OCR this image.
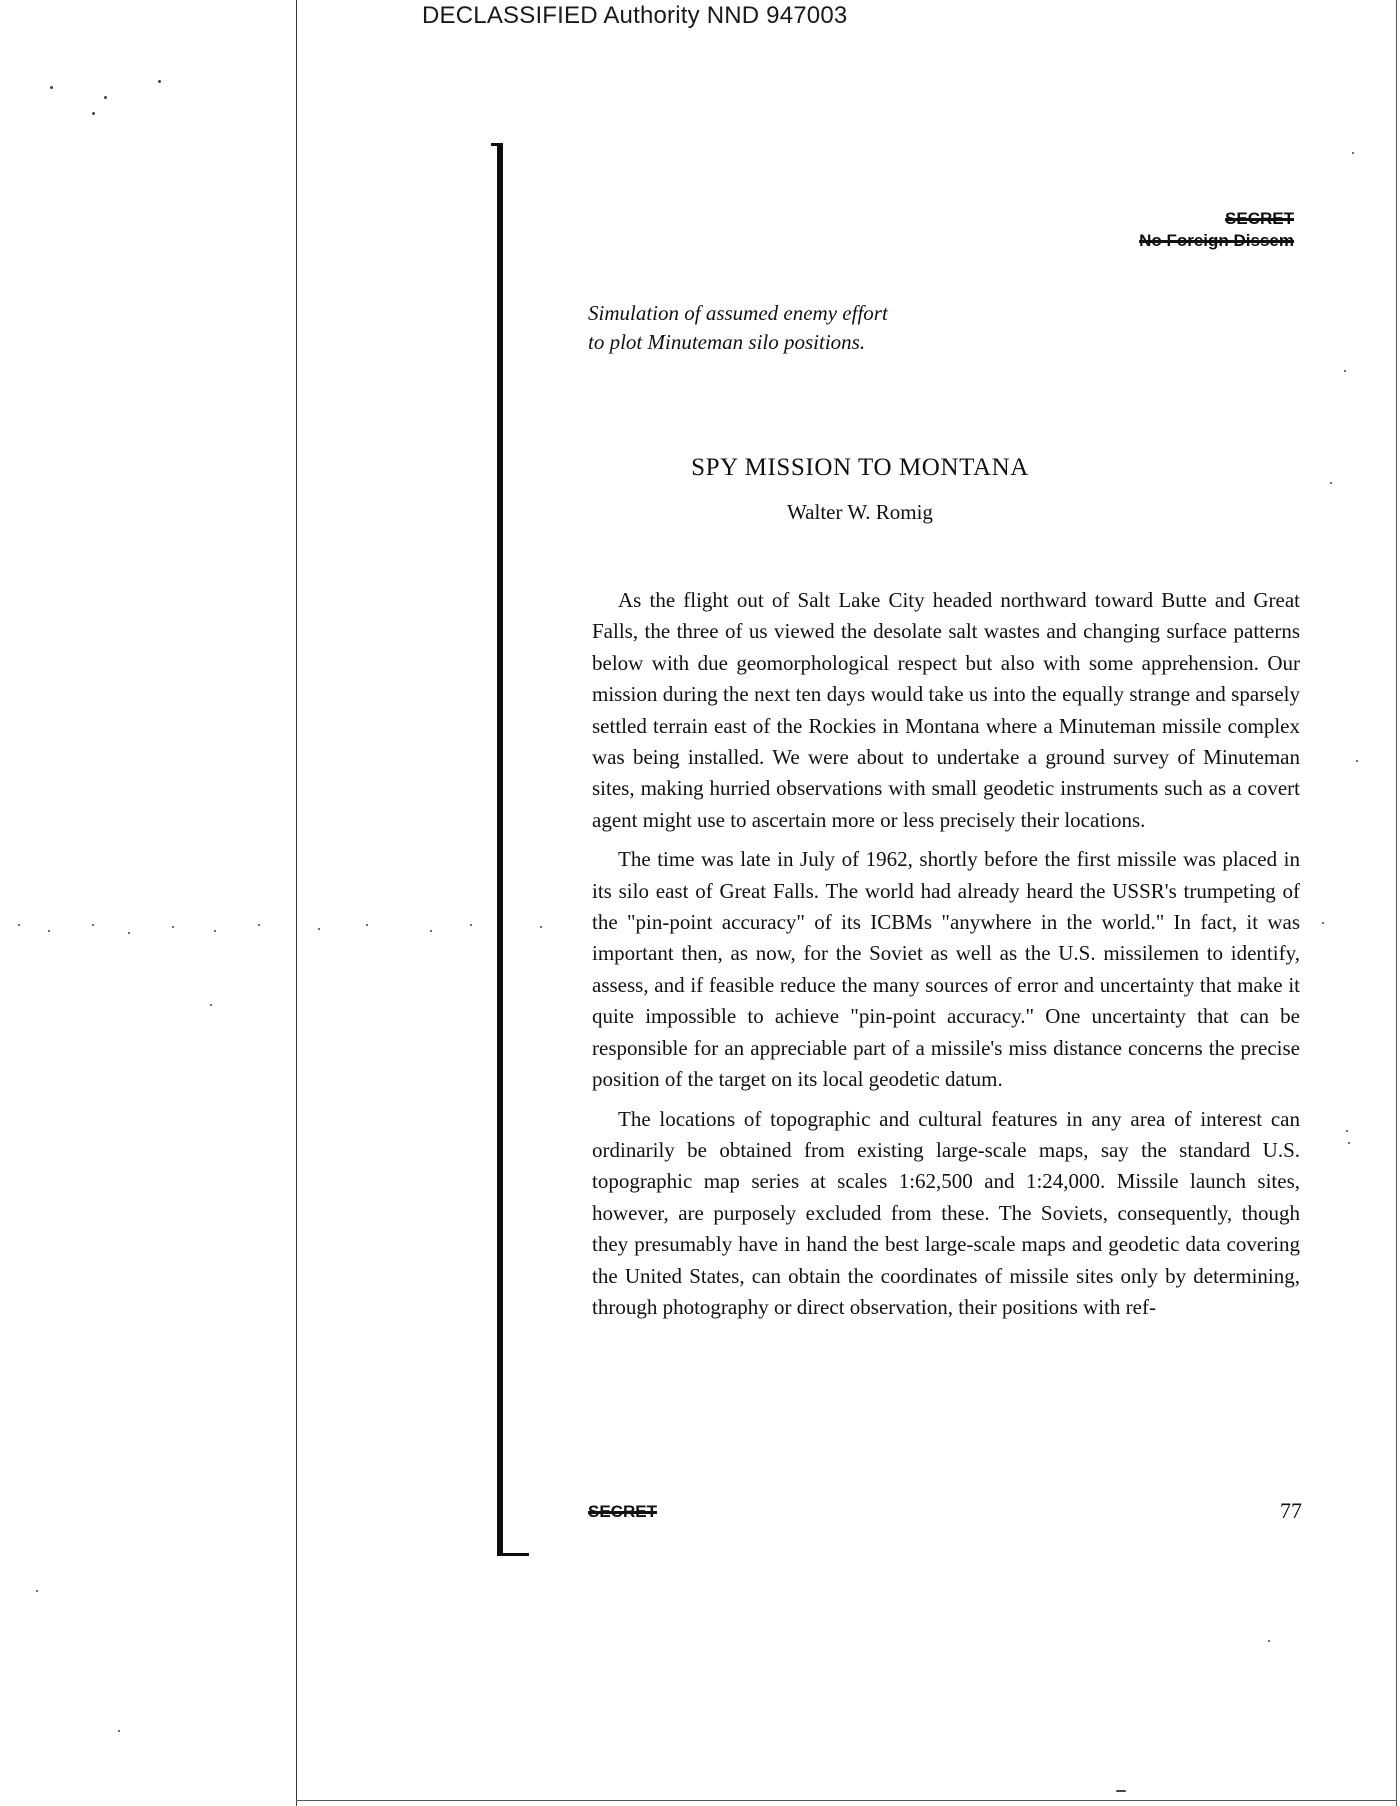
DECLASSIFIED Authority NND 947003
SECRET
No Foreign Dissem
Simulation of assumed enemy effort
to plot Minuteman silo positions.
SPY MISSION TO MONTANA
Walter W. Romig

As the flight out of Salt Lake City headed northward toward Butte and Great Falls, the three of us viewed the desolate salt wastes and changing surface patterns below with due geomorphological respect but also with some apprehension. Our mission during the next ten days would take us into the equally strange and sparsely settled terrain east of the Rockies in Montana where a Minuteman missile complex was being installed. We were about to undertake a ground survey of Minuteman sites, making hurried observations with small geodetic instruments such as a covert agent might use to ascertain more or less precisely their locations.

The time was late in July of 1962, shortly before the first missile was placed in its silo east of Great Falls. The world had already heard the USSR's trumpeting of the "pin-point accuracy" of its ICBMs "anywhere in the world." In fact, it was important then, as now, for the Soviet as well as the U.S. missilemen to identify, assess, and if feasible reduce the many sources of error and uncertainty that make it quite impossible to achieve "pin-point accuracy." One uncertainty that can be responsible for an appreciable part of a missile's miss distance concerns the precise position of the target on its local geodetic datum.

The locations of topographic and cultural features in any area of interest can ordinarily be obtained from existing large-scale maps, say the standard U.S. topographic map series at scales 1:62,500 and 1:24,000. Missile launch sites, however, are purposely excluded from these. The Soviets, consequently, though they presumably have in hand the best large-scale maps and geodetic data covering the United States, can obtain the coordinates of missile sites only by determining, through photography or direct observation, their positions with ref-

SECRET	77
